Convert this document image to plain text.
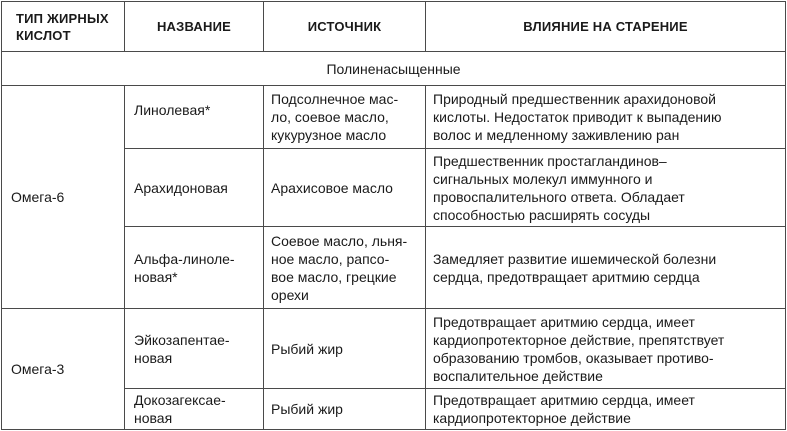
ТИП ЖИРНЫХ
КИСЛОТ	НАЗВАНИЕ	ИСТОЧНИК	ВЛИЯНИЕ НА СТАРЕНИЕ
Полиненасыщенные			
Омега-6	Линолевая*	Подсолнечное мас-
ло, соевое масло,
кукурузное масло	Природный предшественник арахидоновой
кислоты. Недостаток приводит к выпадению
волос и медленному заживлению ран

	Арахидоновая	Арахисовое масло	Предшественник простагландинов–
сигнальных молекул иммунного и
провоспалительного ответа. Обладает
способностью расширять сосуды

	Альфа-линоле-
новая*	Соевое масло, льня-
ное масло, рапсо-
вое масло, грецкие
орехи	Замедляет развитие ишемической болезни
сердца, предотвращает аритмию сердца

Омега-3	Эйкозапентае-
новая	Рыбий жир	Предотвращает аритмию сердца, имеет
кардиопротекторное действие, препятствует
образованию тромбов, оказывает противо-
воспалительное действие

	Докозагексае-
новая	Рыбий жир	Предотвращает аритмию сердца, имеет
кардиопротекторное действие
